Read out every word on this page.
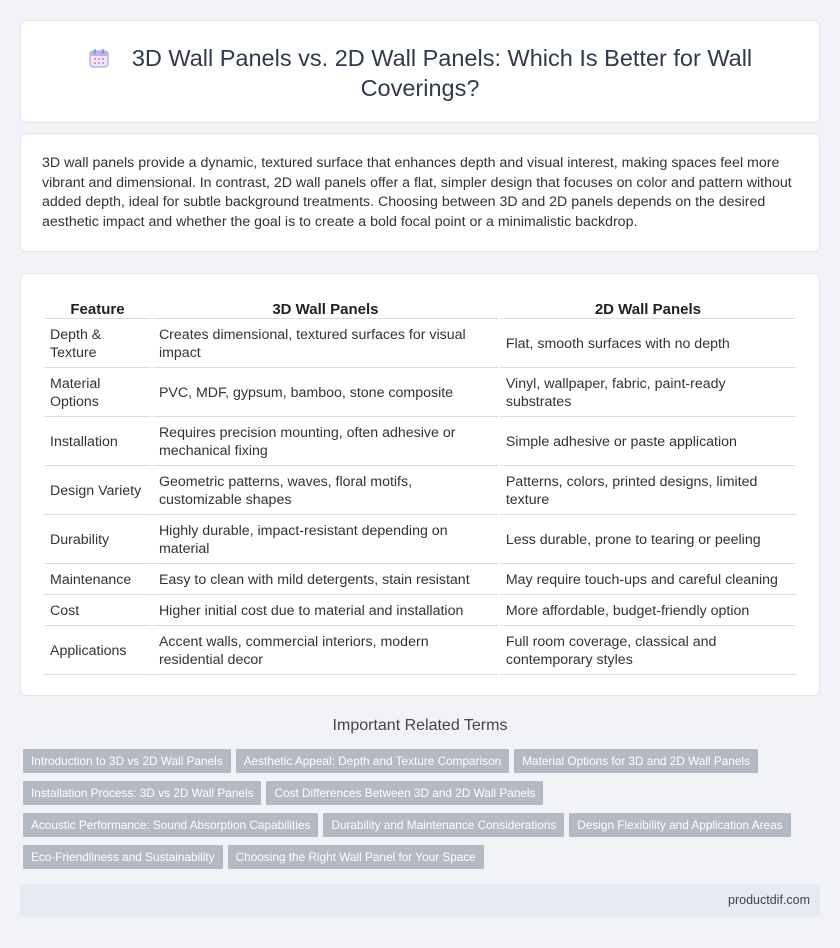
3D Wall Panels vs. 2D Wall Panels: Which Is Better for Wall Coverings?

3D wall panels provide a dynamic, textured surface that enhances depth and visual interest, making spaces feel more vibrant and dimensional. In contrast, 2D wall panels offer a flat, simpler design that focuses on color and pattern without added depth, ideal for subtle background treatments. Choosing between 3D and 2D panels depends on the desired aesthetic impact and whether the goal is to create a bold focal point or a minimalistic backdrop.

Feature	3D Wall Panels	2D Wall Panels
Depth & Texture	Creates dimensional, textured surfaces for visual impact	Flat, smooth surfaces with no depth
Material Options	PVC, MDF, gypsum, bamboo, stone composite	Vinyl, wallpaper, fabric, paint-ready substrates
Installation	Requires precision mounting, often adhesive or mechanical fixing	Simple adhesive or paste application
Design Variety	Geometric patterns, waves, floral motifs, customizable shapes	Patterns, colors, printed designs, limited texture
Durability	Highly durable, impact-resistant depending on material	Less durable, prone to tearing or peeling
Maintenance	Easy to clean with mild detergents, stain resistant	May require touch-ups and careful cleaning
Cost	Higher initial cost due to material and installation	More affordable, budget-friendly option
Applications	Accent walls, commercial interiors, modern residential decor	Full room coverage, classical and contemporary styles
Important Related Terms
Introduction to 3D vs 2D Wall Panels Aesthetic Appeal: Depth and Texture Comparison Material Options for 3D and 2D Wall Panels
Installation Process: 3D vs 2D Wall Panels Cost Differences Between 3D and 2D Wall Panels
Acoustic Performance: Sound Absorption Capabilities Durability and Maintenance Considerations Design Flexibility and Application Areas
Eco-Friendliness and Sustainability Choosing the Right Wall Panel for Your Space
productdif.com
